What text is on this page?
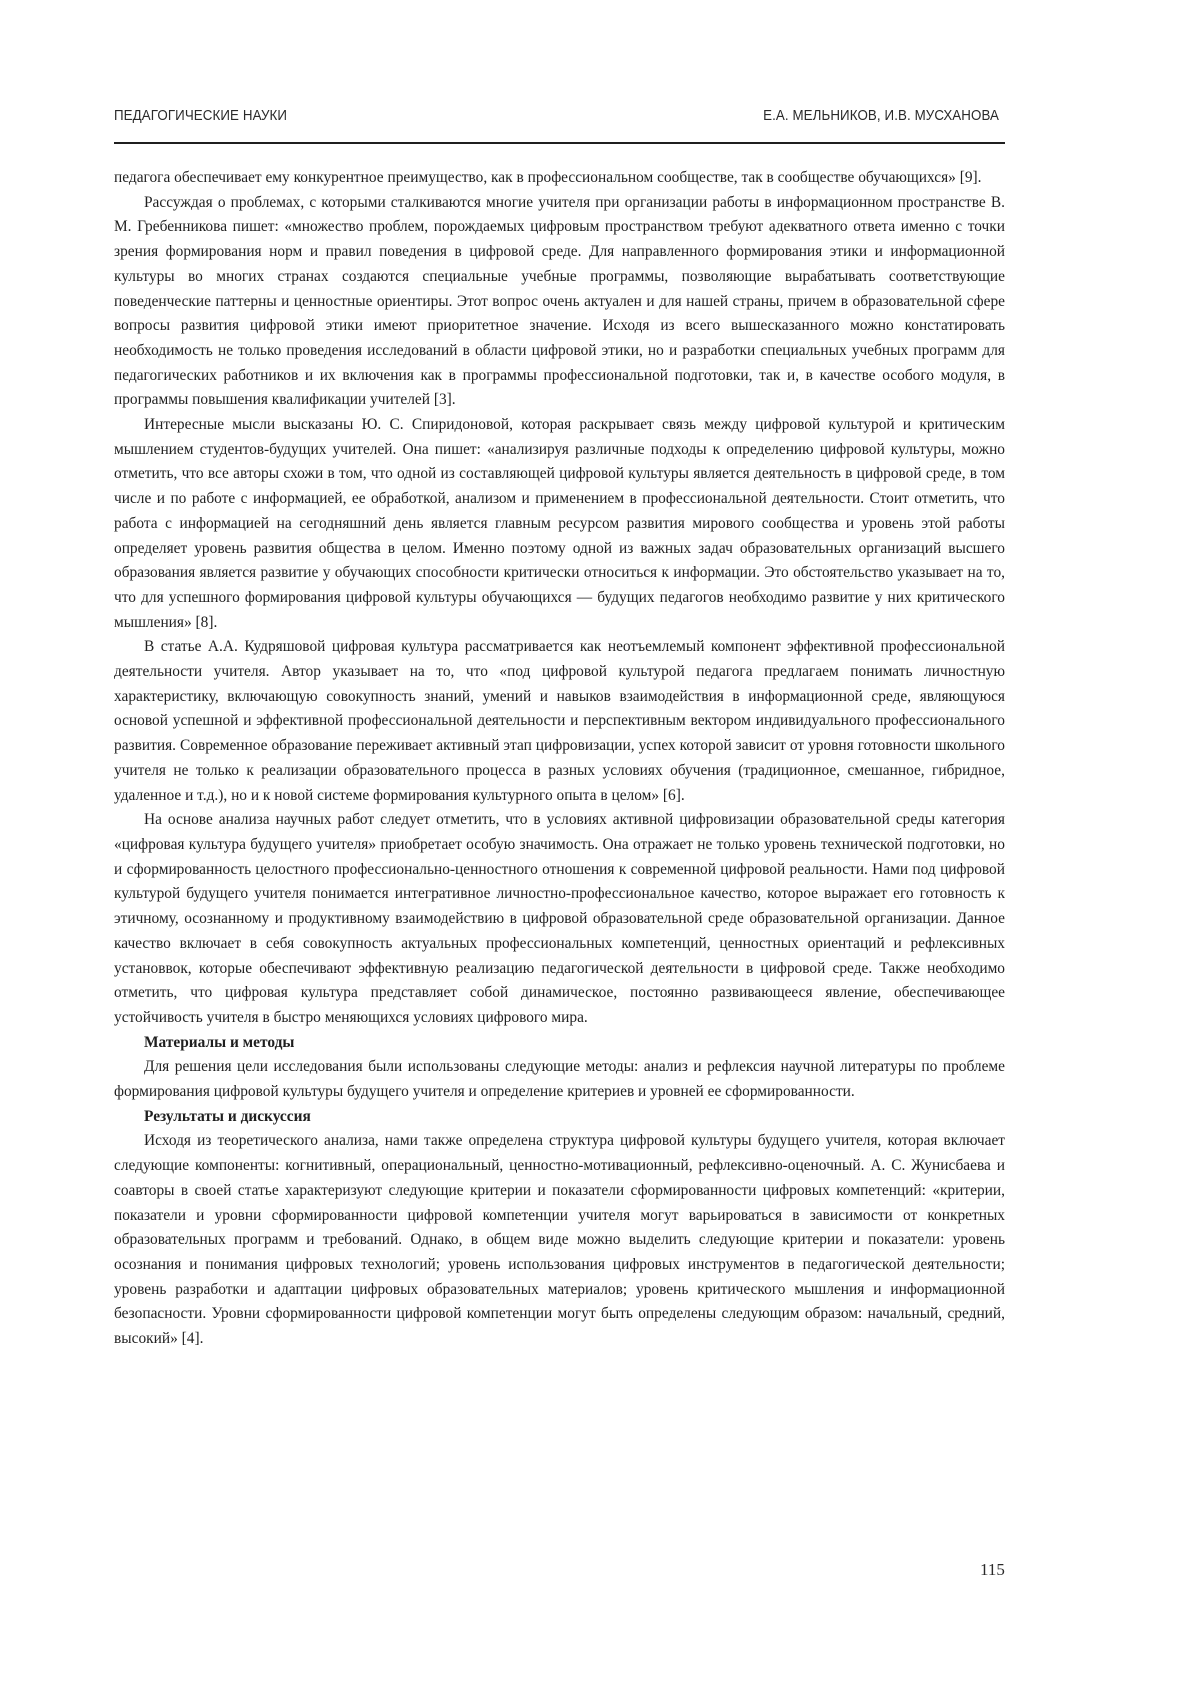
ПЕДАГОГИЧЕСКИЕ НАУКИ	Е.А. МЕЛЬНИКОВ, И.В. МУСХАНОВА

педагога обеспечивает ему конкурентное преимущество, как в профессиональном сообществе, так в сообществе обучающихся» [9].

Рассуждая о проблемах, с которыми сталкиваются многие учителя при организации работы в информационном пространстве В. М. Гребенникова пишет: «множество проблем, порождаемых цифровым пространством требуют адекватного ответа именно с точки зрения формирования норм и правил поведения в цифровой среде. Для направленного формирования этики и информационной культуры во многих странах создаются специальные учебные программы, позволяющие вырабатывать соответствующие поведенческие паттерны и ценностные ориентиры. Этот вопрос очень актуален и для нашей страны, причем в образовательной сфере вопросы развития цифровой этики имеют приоритетное значение. Исходя из всего вышесказанного можно констатировать необходимость не только проведения исследований в области цифровой этики, но и разработки специальных учебных программ для педагогических работников и их включения как в программы профессиональной подготовки, так и, в качестве особого модуля, в программы повышения квалификации учителей [3].

Интересные мысли высказаны Ю. С. Спиридоновой, которая раскрывает связь между цифровой культурой и критическим мышлением студентов-будущих учителей. Она пишет: «анализируя различные подходы к определению цифровой культуры, можно отметить, что все авторы схожи в том, что одной из составляющей цифровой культуры является деятельность в цифровой среде, в том числе и по работе с информацией, ее обработкой, анализом и применением в профессиональной деятельности. Стоит отметить, что работа с информацией на сегодняшний день является главным ресурсом развития мирового сообщества и уровень этой работы определяет уровень развития общества в целом. Именно поэтому одной из важных задач образовательных организаций высшего образования является развитие у обучающих способности критически относиться к информации. Это обстоятельство указывает на то, что для успешного формирования цифровой культуры обучающихся — будущих педагогов необходимо развитие у них критического мышления» [8].

В статье А.А. Кудряшовой цифровая культура рассматривается как неотъемлемый компонент эффективной профессиональной деятельности учителя. Автор указывает на то, что «под цифровой культурой педагога предлагаем понимать личностную характеристику, включающую совокупность знаний, умений и навыков взаимодействия в информационной среде, являющуюся основой успешной и эффективной профессиональной деятельности и перспективным вектором индивидуального профессионального развития. Современное образование переживает активный этап цифровизации, успех которой зависит от уровня готовности школьного учителя не только к реализации образовательного процесса в разных условиях обучения (традиционное, смешанное, гибридное, удаленное и т.д.), но и к новой системе формирования культурного опыта в целом» [6].

На основе анализа научных работ следует отметить, что в условиях активной цифровизации образовательной среды категория «цифровая культура будущего учителя» приобретает особую значимость. Она отражает не только уровень технической подготовки, но и сформированность целостного профессионально-ценностного отношения к современной цифровой реальности. Нами под цифровой культурой будущего учителя понимается интегративное личностно-профессиональное качество, которое выражает его готовность к этичному, осознанному и продуктивному взаимодействию в цифровой образовательной среде образовательной организации. Данное качество включает в себя совокупность актуальных профессиональных компетенций, ценностных ориентаций и рефлексивных установвок, которые обеспечивают эффективную реализацию педагогической деятельности в цифровой среде. Также необходимо отметить, что цифровая культура представляет собой динамическое, постоянно развивающееся явление, обеспечивающее устойчивость учителя в быстро меняющихся условиях цифрового мира.

Материалы и методы

Для решения цели исследования были использованы следующие методы: анализ и рефлексия научной литературы по проблеме формирования цифровой культуры будущего учителя и определение критериев и уровней ее сформированности.

Результаты и дискуссия

Исходя из теоретического анализа, нами также определена структура цифровой культуры будущего учителя, которая включает следующие компоненты: когнитивный, операциональный, ценностно-мотивационный, рефлексивно-оценочный. А. С. Жунисбаева и соавторы в своей статье характеризуют следующие критерии и показатели сформированности цифровых компетенций: «критерии, показатели и уровни сформированности цифровой компетенции учителя могут варьироваться в зависимости от конкретных образовательных программ и требований. Однако, в общем виде можно выделить следующие критерии и показатели: уровень осознания и понимания цифровых технологий; уровень использования цифровых инструментов в педагогической деятельности; уровень разработки и адаптации цифровых образовательных материалов; уровень критического мышления и информационной безопасности. Уровни сформированности цифровой компетенции могут быть определены следующим образом: начальный, средний, высокий» [4].

115
